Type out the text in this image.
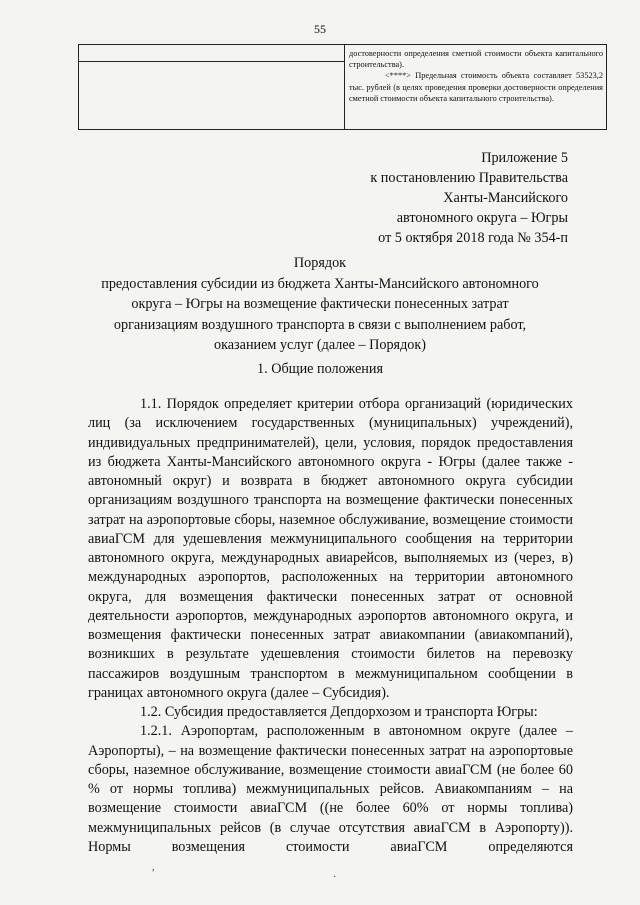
55

достоверности определения сметной стоимости объекта капитального строительства).

<****> Предельная стоимость объекта составляет 53523,2 тыс. рублей (в целях проведения проверки достоверности определения сметной стоимости объекта капитального строительства).

Приложение 5
к постановлению Правительства
Ханты-Мансийского
автономного округа – Югры
от 5 октября 2018 года № 354-п
Порядок
предоставления субсидии из бюджета Ханты-Мансийского автономного
округа – Югры на возмещение фактически понесенных затрат
организациям воздушного транспорта в связи с выполнением работ,
оказанием услуг (далее – Порядок)
1. Общие положения

1.1. Порядок определяет критерии отбора организаций (юридических лиц (за исключением государственных (муниципальных) учреждений), индивидуальных предпринимателей), цели, условия, порядок предоставления из бюджета Ханты-Мансийского автономного округа - Югры (далее также - автономный округ) и возврата в бюджет автономного округа субсидии организациям воздушного транспорта на возмещение фактически понесенных затрат на аэропортовые сборы, наземное обслуживание, возмещение стоимости авиаГСМ для удешевления межмуниципального сообщения на территории автономного округа, международных авиарейсов, выполняемых из (через, в) международных аэропортов, расположенных на территории автономного округа, для возмещения фактически понесенных затрат от основной деятельности аэропортов, международных аэропортов автономного округа, и возмещения фактически понесенных затрат авиакомпании (авиакомпаний), возникших в результате удешевления стоимости билетов на перевозку пассажиров воздушным транспортом в межмуниципальном сообщении в границах автономного округа (далее – Субсидия).

1.2. Субсидия предоставляется Депдорхозом и транспорта Югры:

1.2.1. Аэропортам, расположенным в автономном округе (далее – Аэропорты), – на возмещение фактически понесенных затрат на аэропортовые сборы, наземное обслуживание, возмещение стоимости авиаГСМ (не более 60 % от нормы топлива) межмуниципальных рейсов. Авиакомпаниям – на возмещение стоимости авиаГСМ ((не более 60% от нормы топлива) межмуниципальных рейсов (в случае отсутствия авиаГСМ в Аэропорту)). Нормы возмещения стоимости авиаГСМ определяются

,
·
